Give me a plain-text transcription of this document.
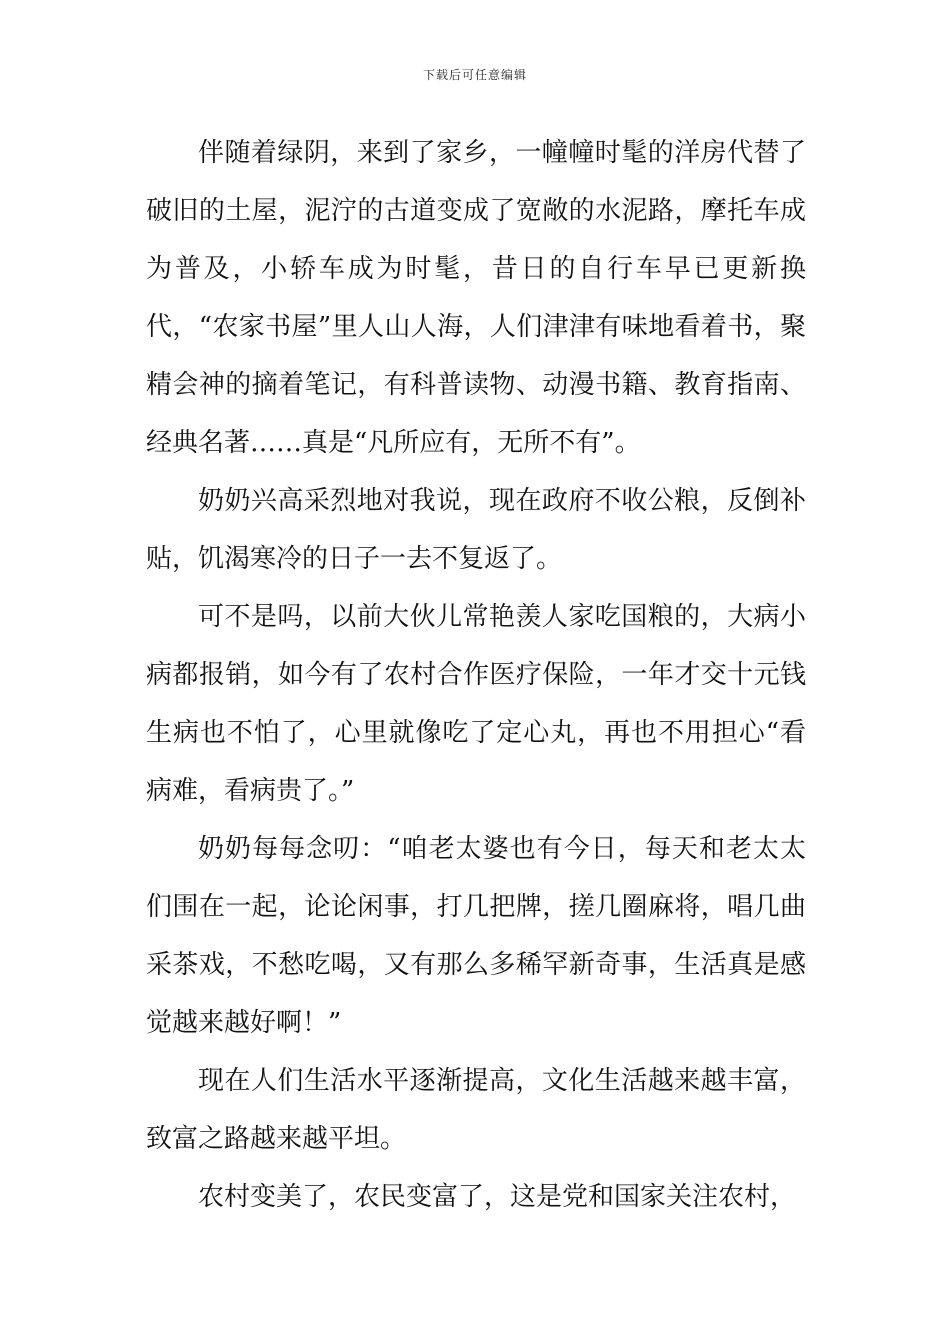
下载后可任意编辑

伴随着绿阴，来到了家乡，一幢幢时髦的洋房代替了破旧的土屋，泥泞的古道变成了宽敞的水泥路，摩托车成为普及，小轿车成为时髦，昔日的自行车早已更新换代，“农家书屋”里人山人海，人们津津有味地看着书，聚精会神的摘着笔记，有科普读物、动漫书籍、教育指南、经典名著……真是“凡所应有，无所不有”。

奶奶兴高采烈地对我说，现在政府不收公粮，反倒补贴，饥渴寒冷的日子一去不复返了。

可不是吗，以前大伙儿常艳羡人家吃国粮的，大病小病都报销，如今有了农村合作医疗保险，一年才交十元钱生病也不怕了，心里就像吃了定心丸，再也不用担心“看病难，看病贵了。”

奶奶每每念叨：“咱老太婆也有今日，每天和老太太们围在一起，论论闲事，打几把牌，搓几圈麻将，唱几曲采茶戏，不愁吃喝，又有那么多稀罕新奇事，生活真是感觉越来越好啊！”

现在人们生活水平逐渐提高，文化生活越来越丰富，致富之路越来越平坦。

农村变美了，农民变富了，这是党和国家关注农村，
